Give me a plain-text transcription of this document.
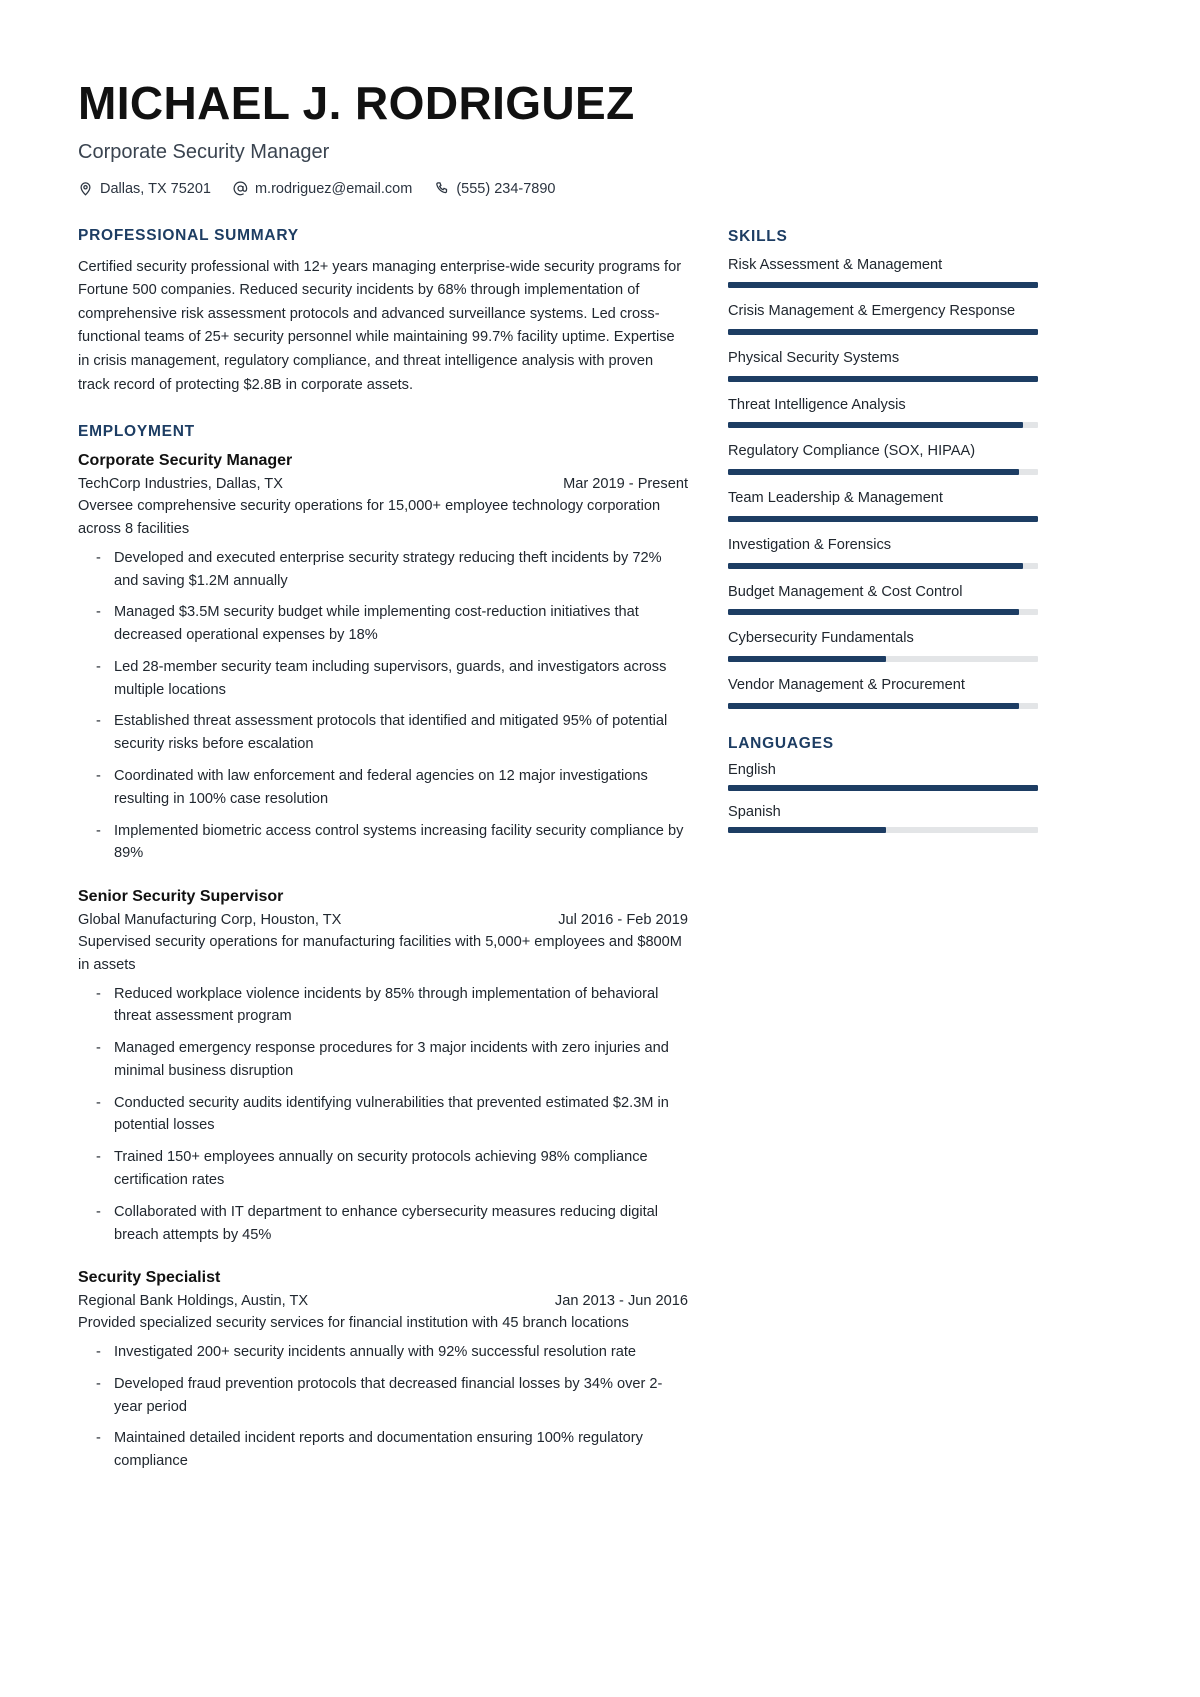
MICHAEL J. RODRIGUEZ
Corporate Security Manager
Dallas, TX 75201	m.rodriguez@email.com	(555) 234-7890
PROFESSIONAL SUMMARY
Certified security professional with 12+ years managing enterprise-wide security programs for Fortune 500 companies. Reduced security incidents by 68% through implementation of comprehensive risk assessment protocols and advanced surveillance systems. Led cross-functional teams of 25+ security personnel while maintaining 99.7% facility uptime. Expertise in crisis management, regulatory compliance, and threat intelligence analysis with proven track record of protecting $2.8B in corporate assets.
EMPLOYMENT
Corporate Security Manager
TechCorp Industries, Dallas, TX	Mar 2019 - Present
Oversee comprehensive security operations for 15,000+ employee technology corporation across 8 facilities
- Developed and executed enterprise security strategy reducing theft incidents by 72% and saving $1.2M annually
- Managed $3.5M security budget while implementing cost-reduction initiatives that decreased operational expenses by 18%
- Led 28-member security team including supervisors, guards, and investigators across multiple locations
- Established threat assessment protocols that identified and mitigated 95% of potential security risks before escalation
- Coordinated with law enforcement and federal agencies on 12 major investigations resulting in 100% case resolution
- Implemented biometric access control systems increasing facility security compliance by 89%
Senior Security Supervisor
Global Manufacturing Corp, Houston, TX	Jul 2016 - Feb 2019
Supervised security operations for manufacturing facilities with 5,000+ employees and $800M in assets
- Reduced workplace violence incidents by 85% through implementation of behavioral threat assessment program
- Managed emergency response procedures for 3 major incidents with zero injuries and minimal business disruption
- Conducted security audits identifying vulnerabilities that prevented estimated $2.3M in potential losses
- Trained 150+ employees annually on security protocols achieving 98% compliance certification rates
- Collaborated with IT department to enhance cybersecurity measures reducing digital breach attempts by 45%
Security Specialist
Regional Bank Holdings, Austin, TX	Jan 2013 - Jun 2016
Provided specialized security services for financial institution with 45 branch locations
- Investigated 200+ security incidents annually with 92% successful resolution rate
- Developed fraud prevention protocols that decreased financial losses by 34% over 2-year period
- Maintained detailed incident reports and documentation ensuring 100% regulatory compliance
SKILLS
Risk Assessment & Management
Crisis Management & Emergency Response
Physical Security Systems
Threat Intelligence Analysis
Regulatory Compliance (SOX, HIPAA)
Team Leadership & Management
Investigation & Forensics
Budget Management & Cost Control
Cybersecurity Fundamentals
Vendor Management & Procurement
LANGUAGES
English
Spanish
